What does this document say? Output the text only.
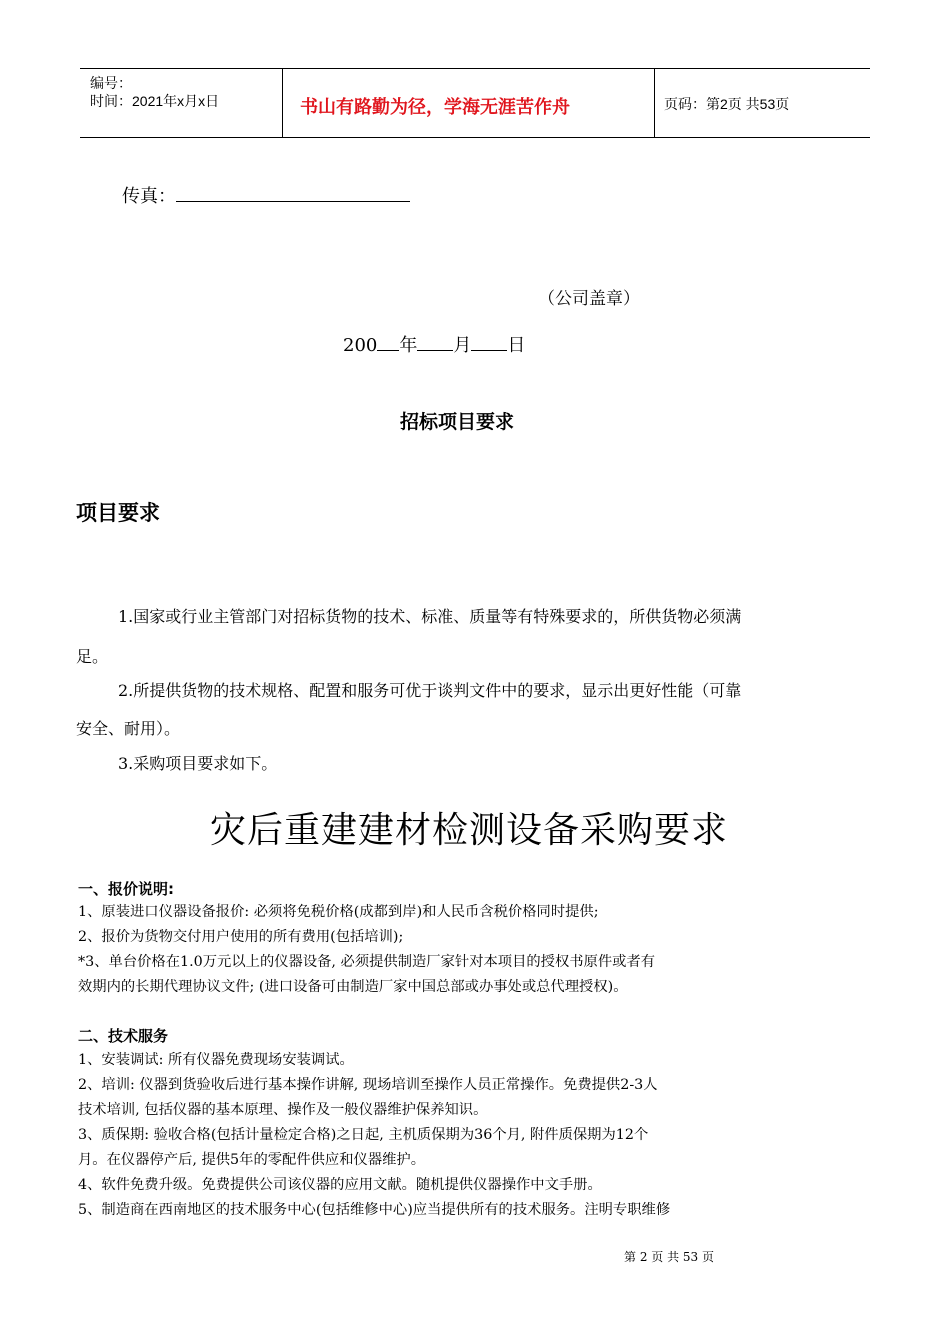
编号：
时间：2021年x月x日	书山有路勤为径，学海无涯苦作舟	页码：第2页 共53页
传真：
（公司盖章）
200 年 月 日
招标项目要求
项目要求
1.国家或行业主管部门对招标货物的技术、标准、质量等有特殊要求的，所供货物必须满
足。
2.所提供货物的技术规格、配置和服务可优于谈判文件中的要求，显示出更好性能（可靠
安全、耐用）。
3.采购项目要求如下。
灾后重建建材检测设备采购要求
一、报价说明:
1、原装进口仪器设备报价: 必须将免税价格(成都到岸)和人民币含税价格同时提供;
2、报价为货物交付用户使用的所有费用(包括培训);
*3、单台价格在1.0万元以上的仪器设备, 必须提供制造厂家针对本项目的授权书原件或者有
效期内的长期代理协议文件; (进口设备可由制造厂家中国总部或办事处或总代理授权)。
二、技术服务
1、安装调试: 所有仪器免费现场安装调试。
2、培训: 仪器到货验收后进行基本操作讲解, 现场培训至操作人员正常操作。免费提供2-3人
技术培训, 包括仪器的基本原理、操作及一般仪器维护保养知识。
3、质保期: 验收合格(包括计量检定合格)之日起, 主机质保期为36个月, 附件质保期为12个
月。在仪器停产后, 提供5年的零配件供应和仪器维护。
4、软件免费升级。免费提供公司该仪器的应用文献。随机提供仪器操作中文手册。
5、制造商在西南地区的技术服务中心(包括维修中心)应当提供所有的技术服务。注明专职维修
第 2 页 共 53 页
